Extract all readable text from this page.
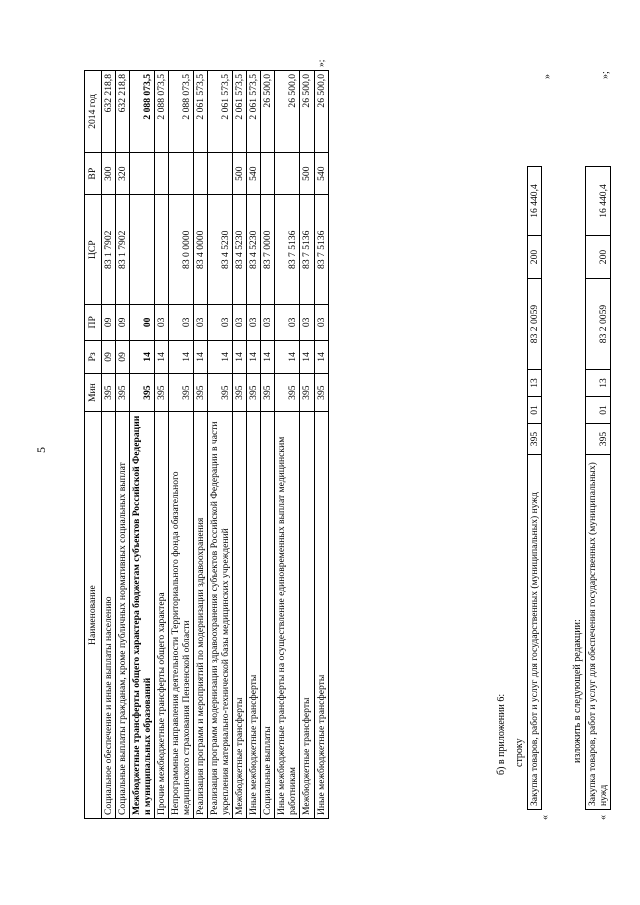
5
Наименование	Мин	Рз	ПР	ЦСР	ВР	2014 год
Социальное обеспечение и иные выплаты населению	395	09	09	83 1 7902	300	632 218,8
Социальные выплаты гражданам, кроме публичных нормативных социальных выплат	395	09	09	83 1 7902	320	632 218,8
Межбюджетные трансферты общего характера бюджетам субъектов Российской Федерации и муниципальных образований	395	14	00			2 088 073,5
Прочие межбюджетные трансферты общего характера	395	14	03			2 088 073,5
Непрограммные направления деятельности Территориального фонда обязательного медицинского страхования Пензенской области	395	14	03	83 0 0000		2 088 073,5
Реализация программ и мероприятий по модернизации здравоохранения	395	14	03	83 4 0000		2 061 573,5
Реализация программ модернизации здравоохранения субъектов Российской Федерации в части укрепления материально-технической базы медицинских учреждений	395	14	03	83 4 5230		2 061 573,5
Межбюджетные трансферты	395	14	03	83 4 5230	500	2 061 573,5
Иные межбюджетные трансферты	395	14	03	83 4 5230	540	2 061 573,5
Социальные выплаты	395	14	03	83 7 0000		26 500,0
Иные межбюджетные трансферты на осуществление единовременных выплат медицинским работникам	395	14	03	83 7 5136		26 500,0
Межбюджетные трансферты	395	14	03	83 7 5136	500	26 500,0
Иные межбюджетные трансферты	395	14	03	83 7 5136	540	26 500,0
»;
б) в приложении 6: строку
«
Закупка товаров, работ и услуг для государственных (муниципальных) нужд	395	01	13	83 2 0059	200	16 440,4
»
изложить в следующей редакции:
«
Закупка товаров, работ и услуг для обеспечения государственных (муниципальных) нужд	395	01	13	83 2 0059	200	16 440,4
»;
